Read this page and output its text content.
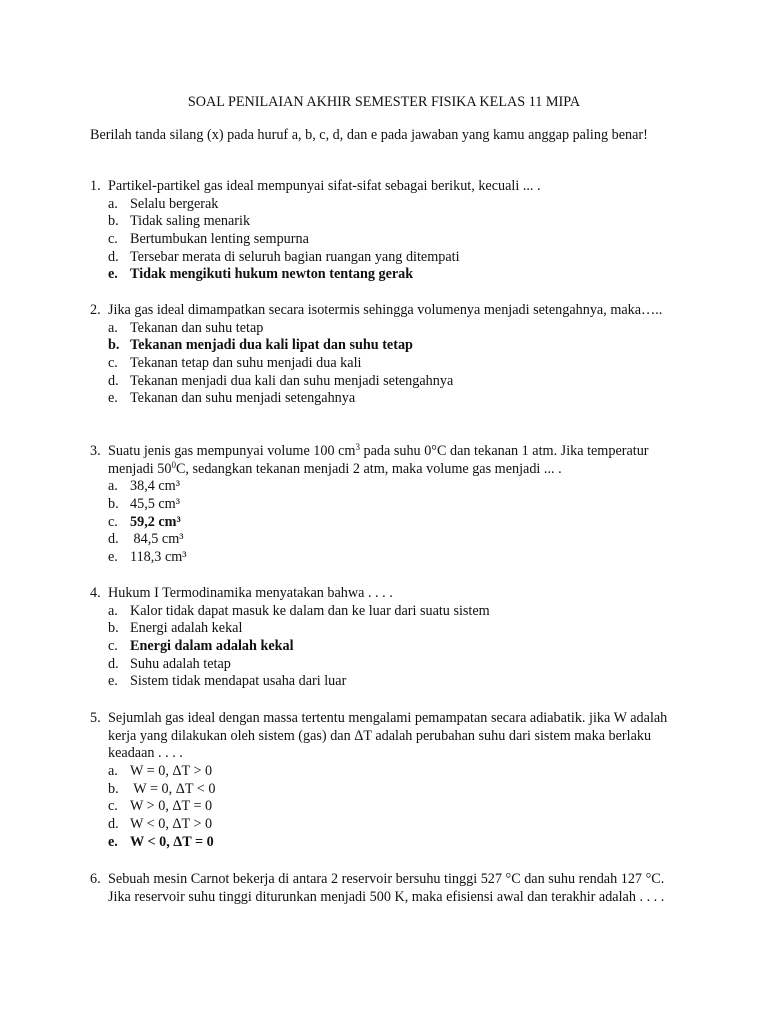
SOAL PENILAIAN AKHIR SEMESTER FISIKA KELAS 11 MIPA
Berilah tanda silang (x) pada huruf a, b, c, d, dan e pada jawaban yang kamu anggap paling benar!
1. Partikel-partikel gas ideal mempunyai sifat-sifat sebagai berikut, kecuali ... .
a. Selalu bergerak
b. Tidak saling menarik
c. Bertumbukan lenting sempurna
d. Tersebar merata di seluruh bagian ruangan yang ditempati
e. Tidak mengikuti hukum newton tentang gerak
2. Jika gas ideal dimampatkan secara isotermis sehingga volumenya menjadi setengahnya, maka…..
a. Tekanan dan suhu tetap
b. Tekanan menjadi dua kali lipat dan suhu tetap
c. Tekanan tetap dan suhu menjadi dua kali
d. Tekanan menjadi dua kali dan suhu menjadi setengahnya
e. Tekanan dan suhu menjadi setengahnya
3. Suatu jenis gas mempunyai volume 100 $cm^3$ pada suhu 0°C dan tekanan 1 atm. Jika temperatur menjadi $50^0C$, sedangkan tekanan menjadi 2 atm, maka volume gas menjadi ... .
a. 38,4 cm³
b. 45,5 cm³
c. 59,2 cm³
d. 84,5 cm³
e. 118,3 cm³
4. Hukum I Termodinamika menyatakan bahwa . . . .
a. Kalor tidak dapat masuk ke dalam dan ke luar dari suatu sistem
b. Energi adalah kekal
c. Energi dalam adalah kekal
d. Suhu adalah tetap
e. Sistem tidak mendapat usaha dari luar
5. Sejumlah gas ideal dengan massa tertentu mengalami pemampatan secara adiabatik. jika W adalah kerja yang dilakukan oleh sistem (gas) dan ΔT adalah perubahan suhu dari sistem maka berlaku keadaan . . . .
a. W = 0, ΔT > 0
b. W = 0, ΔT < 0
c. W > 0, ΔT = 0
d. W < 0, ΔT > 0
e. W < 0, ΔT = 0
6. Sebuah mesin Carnot bekerja di antara 2 reservoir bersuhu tinggi 527 °C dan suhu rendah 127 °C. Jika reservoir suhu tinggi diturunkan menjadi 500 K, maka efisiensi awal dan terakhir adalah . . . .
